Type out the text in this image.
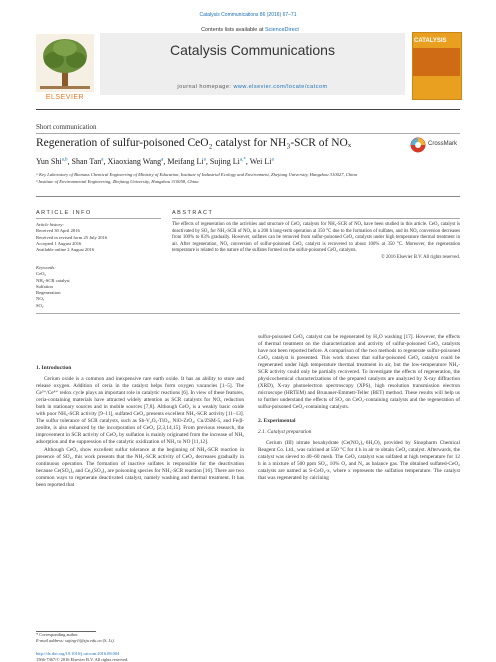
Catalysis Communications 86 (2016) 67–71
ELSEVIER
Contents lists available at ScienceDirect
Catalysis Communications
journal homepage: www.elsevier.com/locate/catcom
CATALYSIS
Short communication
Regeneration of sulfur-poisoned CeO₂ catalyst for NH₃-SCR of NOₓ	CrossMark
Yun Shi$^{a,b}$, Shan Tan$^a$, Xiaoxiang Wang$^a$, Meifang Li$^a$, Sujing Li$^{a,*}$, Wei Li$^a$
ᵃ Key Laboratory of Biomass Chemical Engineering of Ministry of Education, Institute of Industrial Ecology and Environment, Zhejiang University, Hangzhou 310027, China
ᵇ Institute of Environmental Engineering, Zhejiang University, Hangzhou 310058, China
ARTICLE INFO	ABSTRACT
Article history:
Received 30 April 2016
Received in revised form 25 July 2016
Accepted 1 August 2016
Available online 2 August 2016
Keywords:
CeO₂
NH₃-SCR catalyst
Sulfation
Regeneration
NOₓ
SO₂
The effects of regeneration on the activities and structure of CeO₂ catalysts for NH₃-SCR of NOₓ have been studied in this article. CeO₂ catalyst is deactivated by SO₂ for NH₃-SCR of NOₓ in a 200 h long-term operation at 350 °C due to the formation of sulfates, and its NOₓ conversion decreases from 100% to 83% gradually. However, sulfates can be removed from sulfur-poisoned CeO₂ catalysts under high temperature thermal treatment in air. After regeneration, NOₓ conversion of sulfur-poisoned CeO₂ catalyst is recovered to about 100% at 350 °C. Moreover, the regeneration temperature is related to the nature of the sulfates formed on the sulfur-poisoned CeO₂ catalysts.
© 2016 Elsevier B.V. All rights reserved.
1. Introduction

Cerium oxide is a common and inexpensive rare earth oxide. It has an ability to store and release oxygen. Addition of ceria in the catalyst helps form oxygen vacancies [1–5]. The Ce³⁺/Ce⁴⁺ redox cycle plays an important role in catalytic reactions [6]. In view of these features, ceria-containing materials have attracted widely attention as SCR catalysts for NOₓ reduction both in stationary sources and in mobile sources [7,8]. Although CeO₂ is a weakly basic oxide with poor NH₃-SCR activity [9–11], sulfated CeO₂ presents excellent NH₃-SCR activity [11–13]. The sulfur tolerance of SCR catalysts, such as Sb-V₂O₅-TiO₂, NiO-ZrO₂, Cu/ZSM-5, and Fe/β-zeolite, is also enhanced by the incorporation of CeO₂ [2,3,14,15]. From previous research, the improvement in SCR activity of CeO₂ by sulfation is mainly originated from the increase of NH₃ adsorption and the suppression of the catalytic oxidization of NH₃ to NO [11,12].

Although CeO₂ show excellent sulfur tolerance at the beginning of NH₃-SCR reaction in presence of SO₂, this work presents that the NH₃-SCR activity of CeO₂ decreases gradually in continuous operation. The formation of inactive sulfates is responsible for the deactivation because Ce(SO₄)₂ and Ce₂(SO₄)₃ are poisoning species for NH₃-SCR reaction [16]. There are two common ways to regenerate deactivated catalyst, namely washing and thermal treatment. It has been reported that

sulfur-poisoned CeO₂ catalyst can be regenerated by H₂O washing [17]. However, the effects of thermal treatment on the characterization and activity of sulfur-poisoned CeO₂ catalysts have not been reported before. A comparison of the two methods to regenerate sulfur-poisoned CeO₂ catalyst is presented. This work shows that sulfur-poisoned CeO₂ catalyst could be regenerated under high temperature thermal treatment in air, but the low-temperature NH₃-SCR activity could only be partially recovered. To investigate the effects of regeneration, the physicochemical characterizations of the prepared catalysts are analyzed by X-ray diffraction (XRD), X-ray photoelectron spectroscopy (XPS), high resolution transmission electron microscope (HRTEM) and Brunauer-Emmett-Teller (BET) method. These results will help us to further understand the effects of SO₂ on CeO₂-containing catalysts and the regeneration of sulfur-poisoned CeO₂-containing catalysts.

2. Experimental
2.1. Catalyst preparation

Cerium (III) nitrate hexahydrate (Ce(NO₃)₃·6H₂O), provided by Sinopharm Chemical Reagent Co. Ltd., was calcined at 550 °C for 4 h in air to obtain CeO₂ catalyst. Afterwards, the catalyst was sieved to 40–60 mesh. The CeO₂ catalyst was sulfated at high temperature for 12 h in a mixture of 500 ppm SO₂, 10% O₂ and N₂ as balance gas. The obtained sulfated-CeO₂ catalysts are named as S-CeO₂-x, where x represents the sulfation temperature. The catalyst that was regenerated by calcining

* Corresponding author.
E-mail address: sujing-li@zju.edu.cn (S. Li).
http://dx.doi.org/10.1016/j.catcom.2016.08.004
1566-7367/© 2016 Elsevier B.V. All rights reserved.
